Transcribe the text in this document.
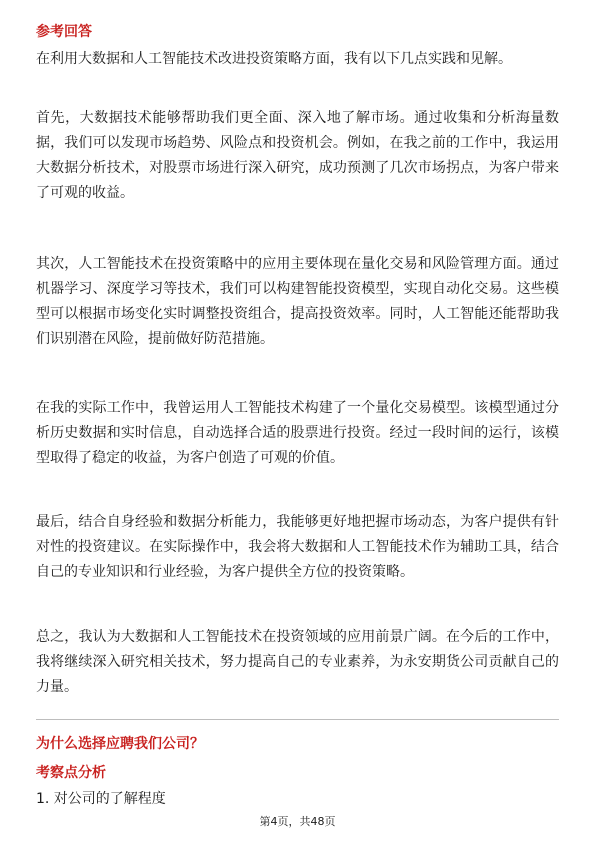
参考回答
在利用大数据和人工智能技术改进投资策略方面，我有以下几点实践和见解。
首先，大数据技术能够帮助我们更全面、深入地了解市场。通过收集和分析海量数据，我们可以发现市场趋势、风险点和投资机会。例如，在我之前的工作中，我运用大数据分析技术，对股票市场进行深入研究，成功预测了几次市场拐点，为客户带来了可观的收益。
其次，人工智能技术在投资策略中的应用主要体现在量化交易和风险管理方面。通过机器学习、深度学习等技术，我们可以构建智能投资模型，实现自动化交易。这些模型可以根据市场变化实时调整投资组合，提高投资效率。同时，人工智能还能帮助我们识别潜在风险，提前做好防范措施。
在我的实际工作中，我曾运用人工智能技术构建了一个量化交易模型。该模型通过分析历史数据和实时信息，自动选择合适的股票进行投资。经过一段时间的运行，该模型取得了稳定的收益，为客户创造了可观的价值。
最后，结合自身经验和数据分析能力，我能够更好地把握市场动态，为客户提供有针对性的投资建议。在实际操作中，我会将大数据和人工智能技术作为辅助工具，结合自己的专业知识和行业经验，为客户提供全方位的投资策略。
总之，我认为大数据和人工智能技术在投资领域的应用前景广阔。在今后的工作中，我将继续深入研究相关技术，努力提高自己的专业素养，为永安期货公司贡献自己的力量。
为什么选择应聘我们公司？
考察点分析
1. 对公司的了解程度
第4页，共48页
